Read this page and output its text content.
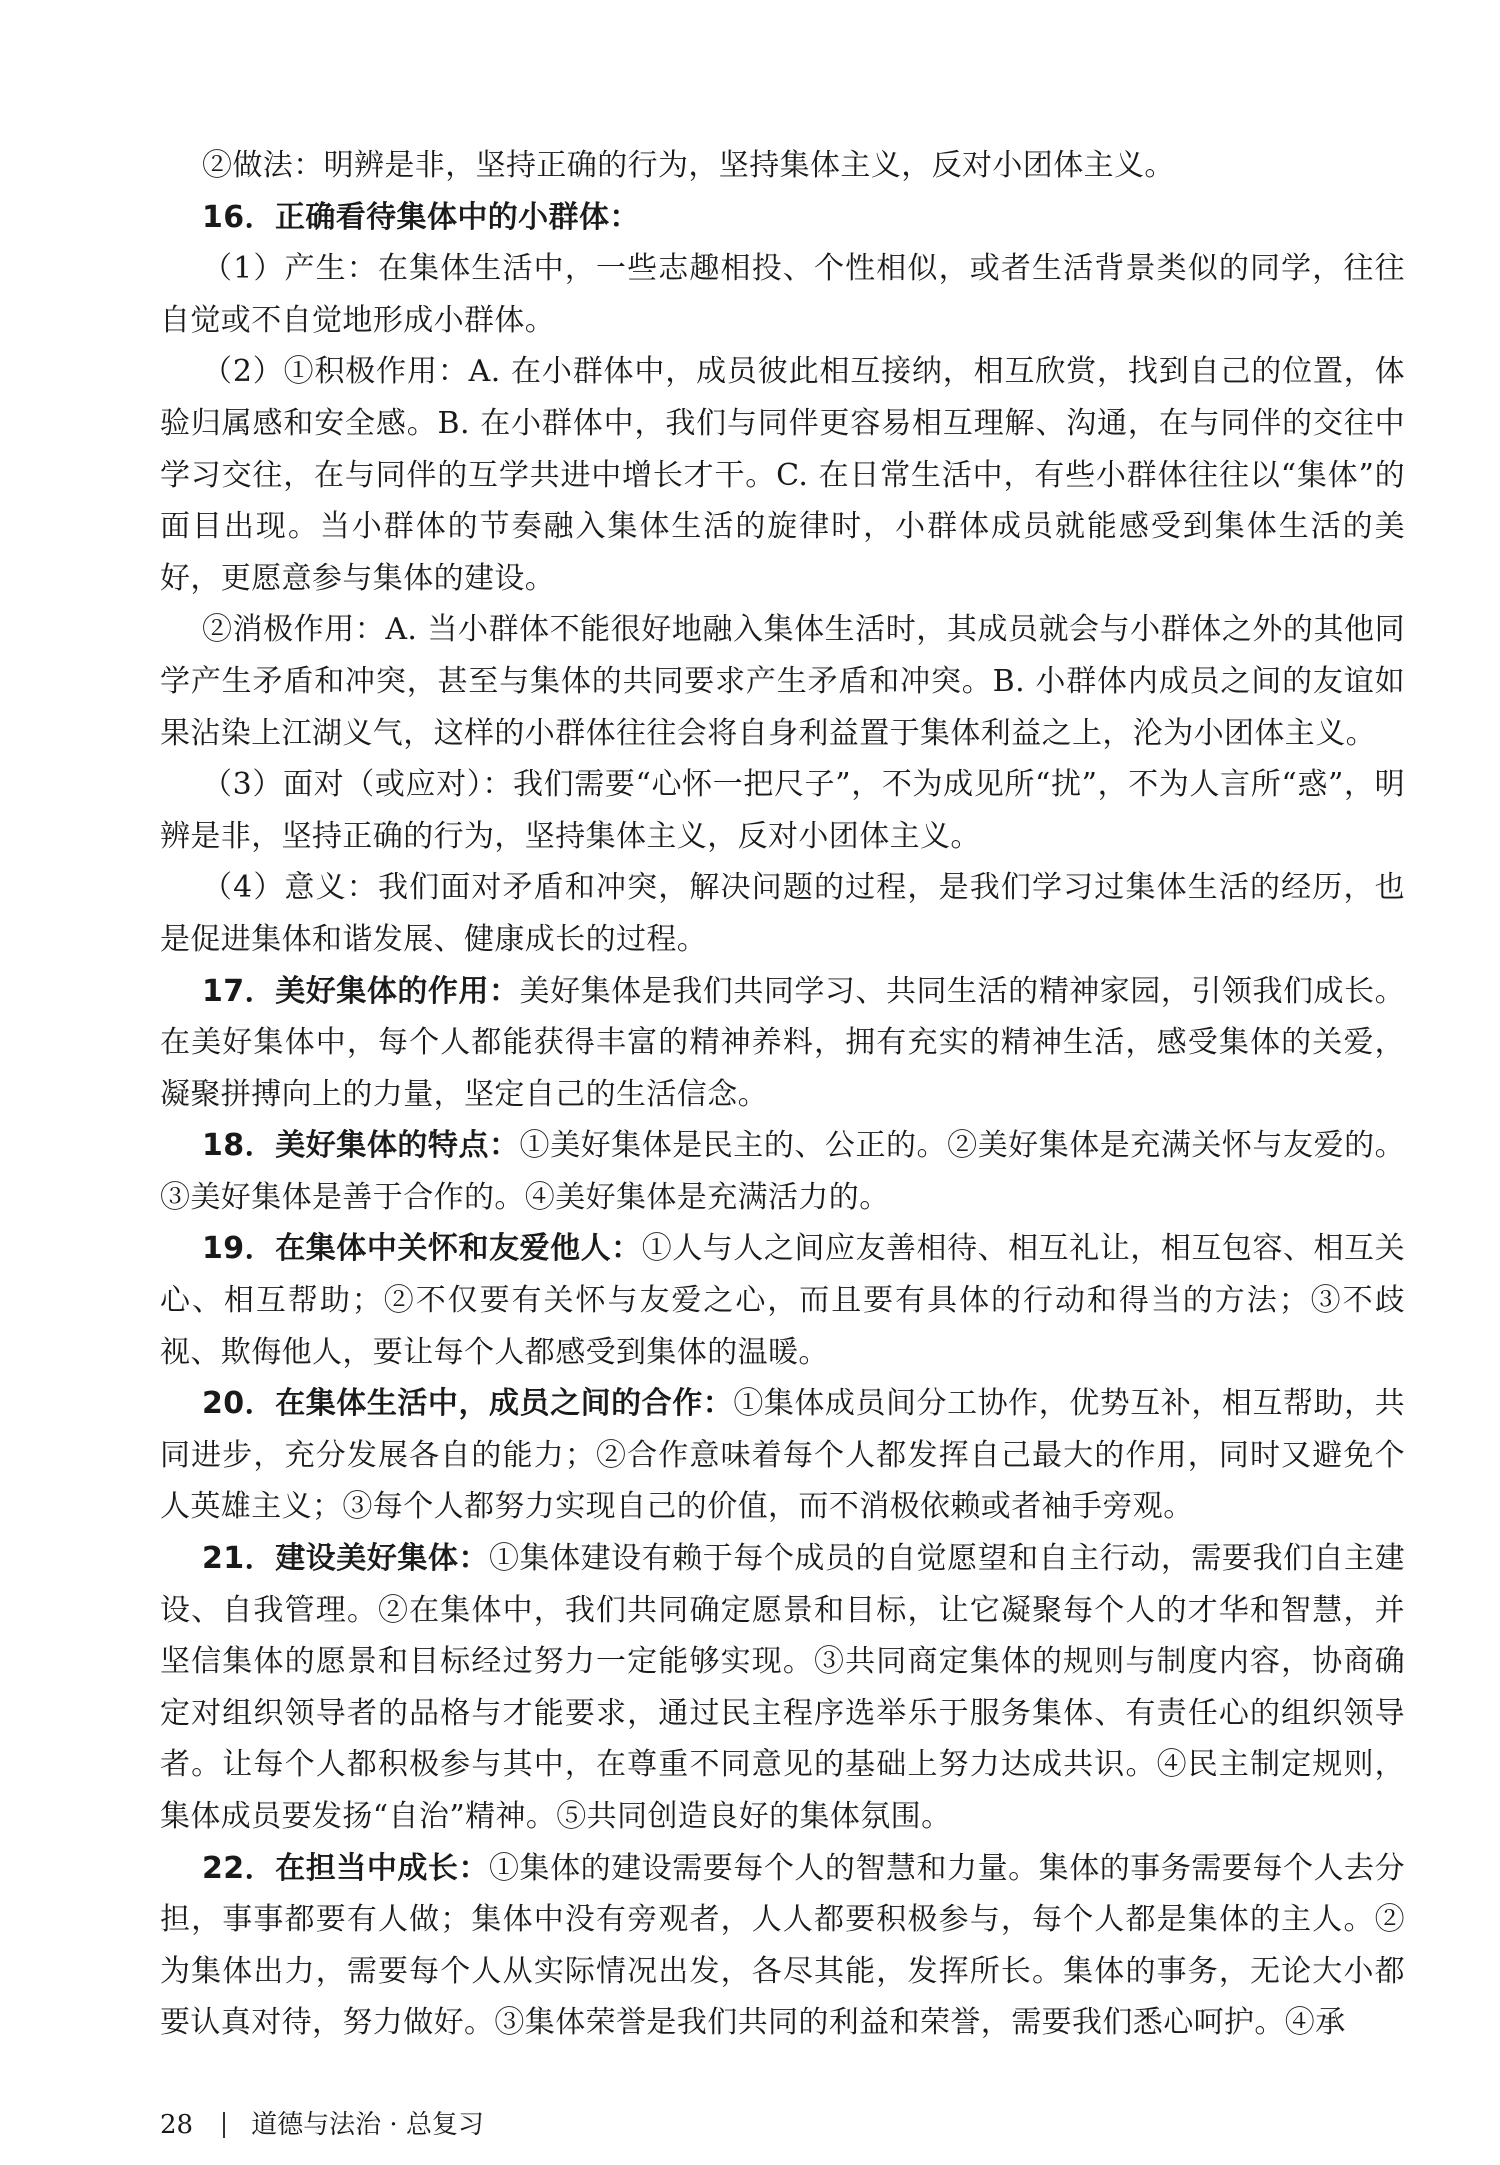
②做法：明辨是非，坚持正确的行为，坚持集体主义，反对小团体主义。

16．正确看待集体中的小群体：

（1）产生：在集体生活中，一些志趣相投、个性相似，或者生活背景类似的同学，往往自觉或不自觉地形成小群体。

（2）①积极作用：A. 在小群体中，成员彼此相互接纳，相互欣赏，找到自己的位置，体验归属感和安全感。B. 在小群体中，我们与同伴更容易相互理解、沟通，在与同伴的交往中学习交往，在与同伴的互学共进中增长才干。C. 在日常生活中，有些小群体往往以“集体”的面目出现。当小群体的节奏融入集体生活的旋律时，小群体成员就能感受到集体生活的美好，更愿意参与集体的建设。

②消极作用：A. 当小群体不能很好地融入集体生活时，其成员就会与小群体之外的其他同学产生矛盾和冲突，甚至与集体的共同要求产生矛盾和冲突。B. 小群体内成员之间的友谊如果沾染上江湖义气，这样的小群体往往会将自身利益置于集体利益之上，沦为小团体主义。

（3）面对（或应对）：我们需要“心怀一把尺子”，不为成见所“扰”，不为人言所“惑”，明辨是非，坚持正确的行为，坚持集体主义，反对小团体主义。

（4）意义：我们面对矛盾和冲突，解决问题的过程，是我们学习过集体生活的经历，也是促进集体和谐发展、健康成长的过程。

17．美好集体的作用：美好集体是我们共同学习、共同生活的精神家园，引领我们成长。在美好集体中，每个人都能获得丰富的精神养料，拥有充实的精神生活，感受集体的关爱，凝聚拼搏向上的力量，坚定自己的生活信念。

18．美好集体的特点：①美好集体是民主的、公正的。②美好集体是充满关怀与友爱的。③美好集体是善于合作的。④美好集体是充满活力的。

19．在集体中关怀和友爱他人：①人与人之间应友善相待、相互礼让，相互包容、相互关心、相互帮助；②不仅要有关怀与友爱之心，而且要有具体的行动和得当的方法；③不歧视、欺侮他人，要让每个人都感受到集体的温暖。

20．在集体生活中，成员之间的合作：①集体成员间分工协作，优势互补，相互帮助，共同进步，充分发展各自的能力；②合作意味着每个人都发挥自己最大的作用，同时又避免个人英雄主义；③每个人都努力实现自己的价值，而不消极依赖或者袖手旁观。

21．建设美好集体：①集体建设有赖于每个成员的自觉愿望和自主行动，需要我们自主建设、自我管理。②在集体中，我们共同确定愿景和目标，让它凝聚每个人的才华和智慧，并坚信集体的愿景和目标经过努力一定能够实现。③共同商定集体的规则与制度内容，协商确定对组织领导者的品格与才能要求，通过民主程序选举乐于服务集体、有责任心的组织领导者。让每个人都积极参与其中，在尊重不同意见的基础上努力达成共识。④民主制定规则，集体成员要发扬“自治”精神。⑤共同创造良好的集体氛围。

22．在担当中成长：①集体的建设需要每个人的智慧和力量。集体的事务需要每个人去分担，事事都要有人做；集体中没有旁观者，人人都要积极参与，每个人都是集体的主人。②为集体出力，需要每个人从实际情况出发，各尽其能，发挥所长。集体的事务，无论大小都要认真对待，努力做好。③集体荣誉是我们共同的利益和荣誉，需要我们悉心呵护。④承

28 道德与法治 · 总复习
